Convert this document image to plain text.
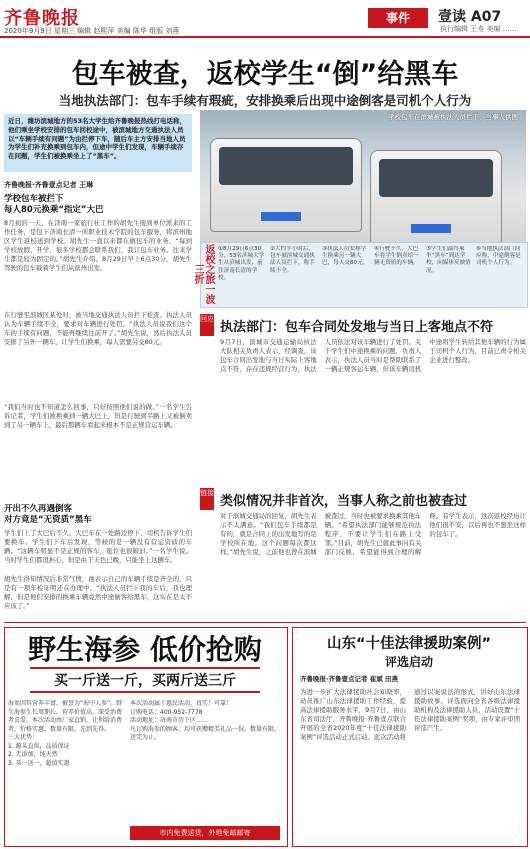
齐鲁晚报
2020年9月9日 星期三 编辑 赵熙萍 美编 陈华 组版 刘燕
事件	壹读 A07
执行编辑 王寿 美编 ……
包车被查，返校学生“倒”给黑车
当地执法部门：包车手续有瑕疵，安排换乘后出现中途倒客是司机个人行为
近日，潍坊滨城地方的53名大学生给齐鲁晚报热线打电话称，他们乘坐学校安排的包车回校途中，被滨城地方交通执法人员以“车辆手续有问题”为由拦停下车，随后车主方安排当地人员为学生们补充换乘到包车内，但途中学生们发现，车辆手续存在问题，学生们被换乘坐上了“黑车”。
齐鲁晚报·齐鲁壹点记者 王琳
学校包车被拦下
每人80元换乘“指定”大巴
8月初的一天，在济南一家旅行社工作的胡先生接到单位派来的工作任务，是包下济南长清一所职业技术学院的包车服务，将滨州地区学生返校送到学校。胡先生一直以来都在做包车的业务。“每到学校放假、开学，很多学校都会联系我们，我订包车业务。往来学生都是较为固定的。”胡先生介绍。8月29日早上6点30分，胡先生驾驶的包车载着学生们从滨州出发。
在行驶至滨城区某处时，被当地交通执法人员拦下检查。执法人员认为车辆手续不全，要求对车辆进行处罚。“执法人员说我们这个车的手续有问题，不能再继续往前开了。”胡先生说，然后执法人员安排了另外一辆车，让学生们换乘，每人需要另交80元。
“我们当时也不知道怎么回事，只好按照他们说的做。”一名学生告诉记者，学生们被换乘到一辆大巴上，但是行驶到半路上又被倒卖到了另一辆车上，最后那辆车看起来根本不是正规营运车辆。
开出不久再遇倒客
对方竟是“无资质”黑车
学生们上了大巴后不久，大巴车在一处路边停下，司机告诉学生们要换车。学生们下车后发现，等候的是一辆没有营运资质的车辆。“这辆车明显不是正规的客车，座位也很破旧。”一名学生说。当时学生们都很担心，但是由于天色已晚，只能坐上这辆车。
胡先生得知情况后非常气愤，他表示自己的车辆手续是齐全的，只是有一项年检证明还在办理中。“执法人员拦下我的车后，我也理解，但是他们安排的换乘车辆竟然中途倒客给黑车，这实在是太不应该了。”
学校包车在滨城被执法人员拦下，当事人供图
返校之旅一波三折
①8月29日6点30分，53名滨城大学生从滨城出发，前往济南长清的学校。
②大约半小时后，包车被滨城交通执法人员拦下，称手续不全。
③执法人员安排学生换乘另一辆大巴，每人交80元。
④行驶不久，大巴车将学生倒卖给一辆无资质的车辆。
⑤学生们最终乘坐“黑车”到达学校，向媒体反映情况。
⑥当地执法部门回应称，中途倒客是司机个人行为。
回应
执法部门：包车合同处发地与当日上客地点不符
9月7日，滨城市交通运输局执法大队相关负责人表示，经调查，该包车合同出发地与当日实际上客地点不符，存在违规经营行为，执法人员依法对该车辆进行了处罚。关于学生们中途换乘的问题，负责人表示，执法人员当时是帮助联系了一辆正规客运车辆，但该车辆司机中途将学生转给其他车辆的行为属于司机个人行为，目前已责令相关企业进行整改。
链接
类似情况并非首次，当事人称之前也被查过
对于滨城交通局的回复，胡先生表示不太满意。“我们包车手续都是有的，就是合同上的出发地写的是学校所在地，这个问题每次都这样。”胡先生说，之前他也曾在滨城被查过，当时也被要求换乘其他车辆。“希望执法部门能够规范执法程序，不要让学生们在路上受罪。”目前，胡先生已就此事向有关部门反映，希望能得到合理的解释。有学生表示，这次返校经历让他们很不安，以后再也不想坐这样的包车了。
野生海参 低价抢购
买一斤送一斤，买两斤送三斤
海参因其营养丰富，被誉为“海中人参”。野生海参生长周期长，营养价值高，深受消费者喜爱。本次活动由厂家直销，让利给消费者，价格实惠，数量有限，先到先得。
三大优势：
1. 源头直供，品质保证
2. 无添加，纯天然
3. 买一送一，超值实惠
本次活动属于惠民活动，真实！可靠！
订购电话：400-952-7778
活动地址：济南市历下区……
凡订购海参的顾客，均可获赠精美礼品一份。数量有限，送完为止。
市内免费送货，外地免邮邮寄
山东“十佳法律援助案例”
评选启动
齐鲁晚报·齐鲁壹点记者 崔斌 田燕
为进一步扩大法律援助社会知晓率，动员推广山东法律援助工作经验，提高法律援助服务水平，9月7日，由山东省司法厅、齐鲁晚报·齐鲁壹点联合开展的全省2020年度“十佳法律援助案例”评选活动正式启动。此次活动将通过以案说法的形式，讲好山东法律援助故事。评选面向全省各级法律援助机构及法律援助人员，活动设置“十佳法律援助案例”奖项，由专家评审团评选产生。
